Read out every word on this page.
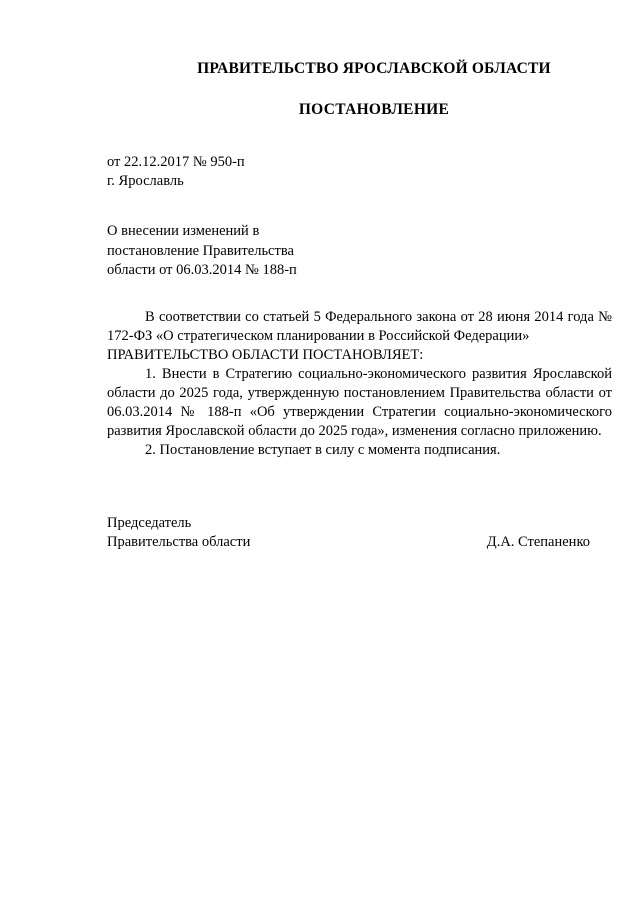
ПРАВИТЕЛЬСТВО ЯРОСЛАВСКОЙ ОБЛАСТИ
ПОСТАНОВЛЕНИЕ
от 22.12.2017 № 950-п
г. Ярославль
О внесении изменений в
постановление Правительства
области от 06.03.2014 № 188-п

В соответствии со статьей 5 Федерального закона от 28 июня 2014 года № 172-ФЗ «О стратегическом планировании в Российской Федерации»

ПРАВИТЕЛЬСТВО ОБЛАСТИ ПОСТАНОВЛЯЕТ:

1. Внести в Стратегию социально-экономического развития Ярославской области до 2025 года, утвержденную постановлением Правительства области от 06.03.2014 № 188-п «Об утверждении Стратегии социально-экономического развития Ярославской области до 2025 года», изменения согласно приложению.

2. Постановление вступает в силу с момента подписания.

Председатель
Правительства области	Д.А. Степаненко
